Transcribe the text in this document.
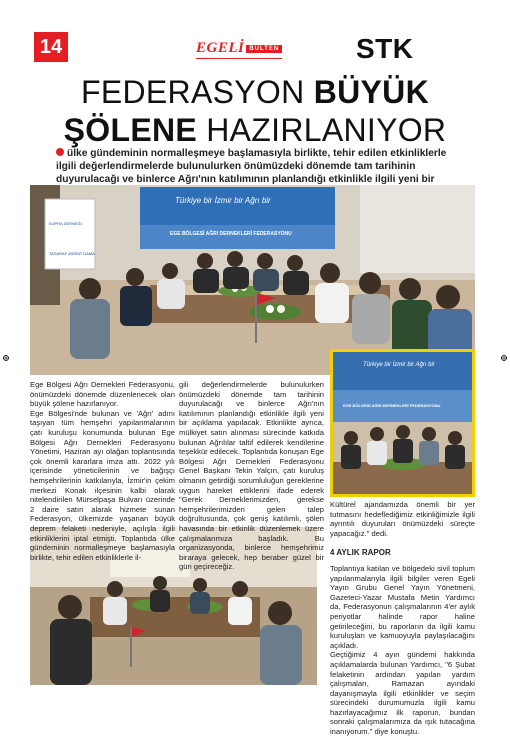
14	EGELİ BÜLTEN	STK
FEDERASYON BÜYÜK
ŞÖLENE HAZIRLANIYOR
ülke gündeminin normalleşmeye başlamasıyla birlikte, tehir edilen etkinliklerle ilgili değerlendirmelerde bulunulurken önümüzdeki dönemde tam tarihinin duyurulacağı ve binlerce Ağrı'nın katılımının planlandığı etkinlikle ilgili yeni bir
EUPRA DERNEĞİ
TASARAF MÜRAT DAMA
Türkiye bir İzmir bir Ağrı bir
EGE BÖLGESİ AĞRI DERNEKLERİ FEDERASYONU
Türkiye bir İzmir bir Ağrı bir
EGE BÖLGESİ AĞRI DERNEKLERİ FEDERASYONU

Ege Bölgesi Ağrı Dernekleri Federasyonu, önümüzdeki dönemde düzenlenecek olan büyük şölene hazırlanıyor.
Ege Bölgesi'nde bulunan ve 'Ağrı' adını taşıyan tüm hemşehri yapılanmalarının çatı kuruluşu konumunda bulunan Ege Bölgesi Ağrı Dernekleri Federasyonu Yönetimi, Haziran ayı olağan toplantısında çok önemli kararlara imza attı. 2022 yılı içerisinde yöneticilerinin ve bağışçı hemşehrilerinin katkılarıyla, İzmir'in çekim merkezi Konak ilçesinin kalbi olarak nitelendirilen Mürselpaşa Bulvarı üzerinde 2 daire satın alarak hizmete sunan Federasyon, ülkemizde yaşanan büyük deprem felaketi nedeniyle, açılışla ilgili etkinliklerini iptal etmişti. Toplantıda ülke gündeminin normalleşmeye başlamasıyla birlikte, tehir edilen etkinliklerle il-

gili değerlendirmelerde bulunulurken önümüzdeki dönemde tam tarihinin duyurulacağı ve binlerce Ağrı'nın katılımının planlandığı etkinlikle ilgili yeni bir açıklama yapılacak. Etkinlikte ayrıca, mülkiyet satın alınması sürecinde katkıda bulunan Ağrılılar taltif edilerek kendilerine teşekkür edilecek. Toplantıda konuşan Ege Bölgesi Ağrı Dernekleri Federasyonu Genel Başkanı Tekin Yalçın, çatı kuruluş olmanın getirdiği sorumluluğun gereklerine uygun hareket ettiklerini ifade ederek "Gerek Derneklerimizden, gerekse hemşehrilerimizden gelen talep doğrultusunda, çok geniş katılımlı, şölen havasında bir etkinlik düzenlemek üzere çalışmalarımıza başladık. Bu organizasyonda, binlerce hemşehrimiz biraraya gelecek, hep beraber güzel bir gün geçireceğiz.

Kültürel ajandamızda önemli bir yer tutmasını hedeflediğimiz etkinliğimizle ilgili ayrıntılı duyuruları önümüzdeki süreçte yapacağız." dedi.

4 AYLIK RAPOR

Toplantıya katılan ve bölgedeki sivil toplum yapılanmalarıyla ilgili bilgiler veren Egeli Yayın Grubu Genel Yayın Yönetmeni, Gazeteci-Yazar Mustafa Metin Yardımcı da, Federasyonun çalışmalarının 4'er aylık periyotlar halinde rapor haline getirileceğini, bu raporların da ilgili kamu kuruluşları ve kamuoyuyla paylaşılacağını açıkladı.
Geçtiğimiz 4 ayın gündemi hakkında açıklamalarda bulunan Yardımcı, "6 Şubat felaketinin ardından yapılan yardım çalışmaları, Ramazan ayındaki dayanışmayla ilgili etkinlikler ve seçim sürecindeki durumumuzla ilgili kamu hazırlayacağımız ilk raporun, bundan sonraki çalışmalarımıza da ışık tutacağına inanıyorum." diye konuştu.
